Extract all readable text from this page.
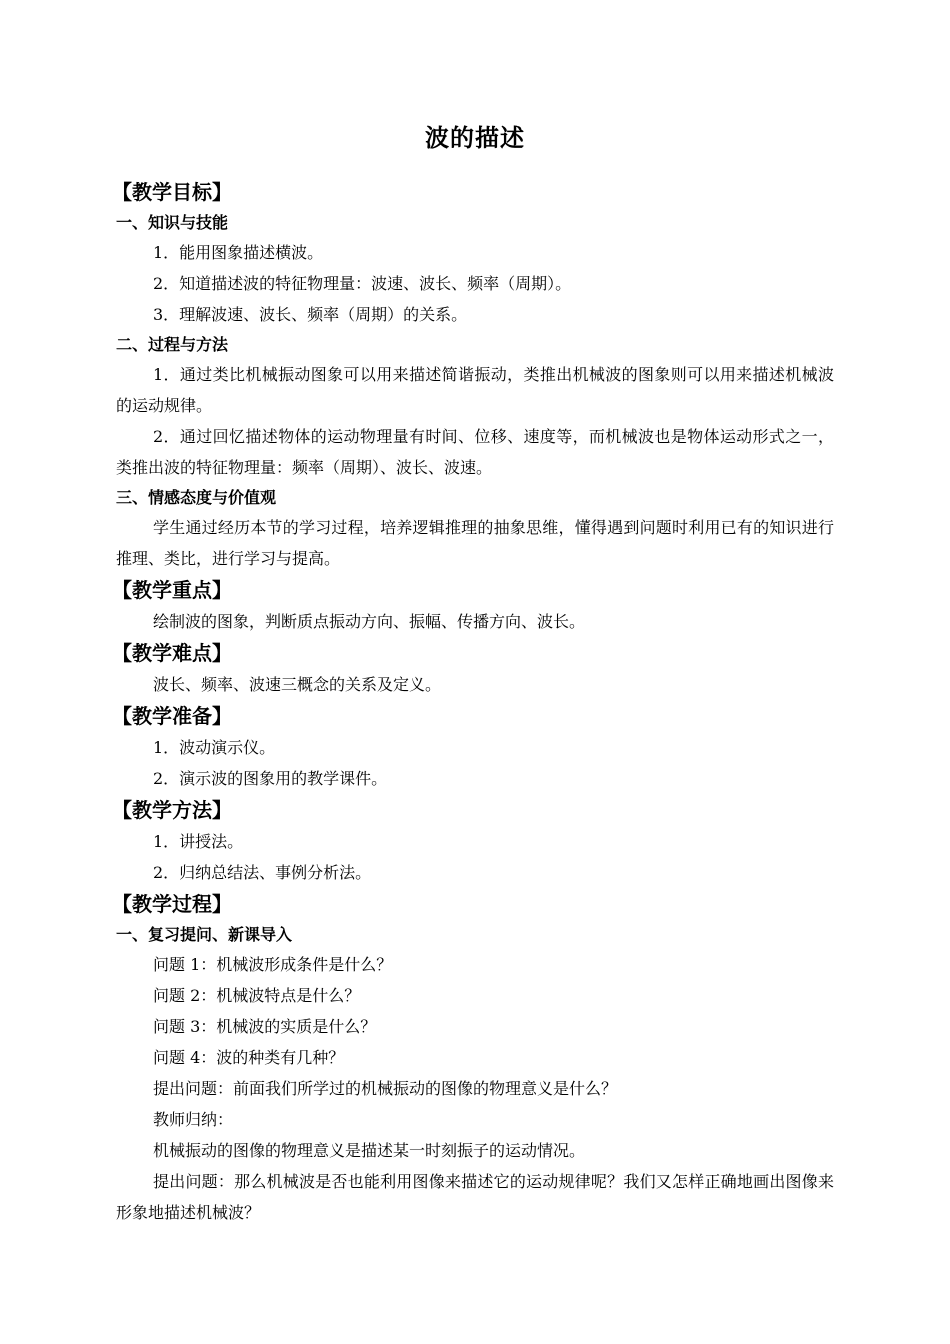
波的描述
【教学目标】
一、知识与技能
1．能用图象描述横波。
2．知道描述波的特征物理量：波速、波长、频率（周期）。
3．理解波速、波长、频率（周期）的关系。
二、过程与方法
1．通过类比机械振动图象可以用来描述简谐振动，类推出机械波的图象则可以用来描述机械波的运动规律。
2．通过回忆描述物体的运动物理量有时间、位移、速度等，而机械波也是物体运动形式之一，类推出波的特征物理量：频率（周期）、波长、波速。
三、情感态度与价值观
学生通过经历本节的学习过程，培养逻辑推理的抽象思维，懂得遇到问题时利用已有的知识进行推理、类比，进行学习与提高。
【教学重点】
绘制波的图象，判断质点振动方向、振幅、传播方向、波长。
【教学难点】
波长、频率、波速三概念的关系及定义。
【教学准备】
1．波动演示仪。
2．演示波的图象用的教学课件。
【教学方法】
1．讲授法。
2．归纳总结法、事例分析法。
【教学过程】
一、复习提问、新课导入
问题 1：机械波形成条件是什么？
问题 2：机械波特点是什么？
问题 3：机械波的实质是什么？
问题 4：波的种类有几种？
提出问题：前面我们所学过的机械振动的图像的物理意义是什么？
教师归纳：
机械振动的图像的物理意义是描述某一时刻振子的运动情况。
提出问题：那么机械波是否也能利用图像来描述它的运动规律呢？我们又怎样正确地画出图像来形象地描述机械波？
